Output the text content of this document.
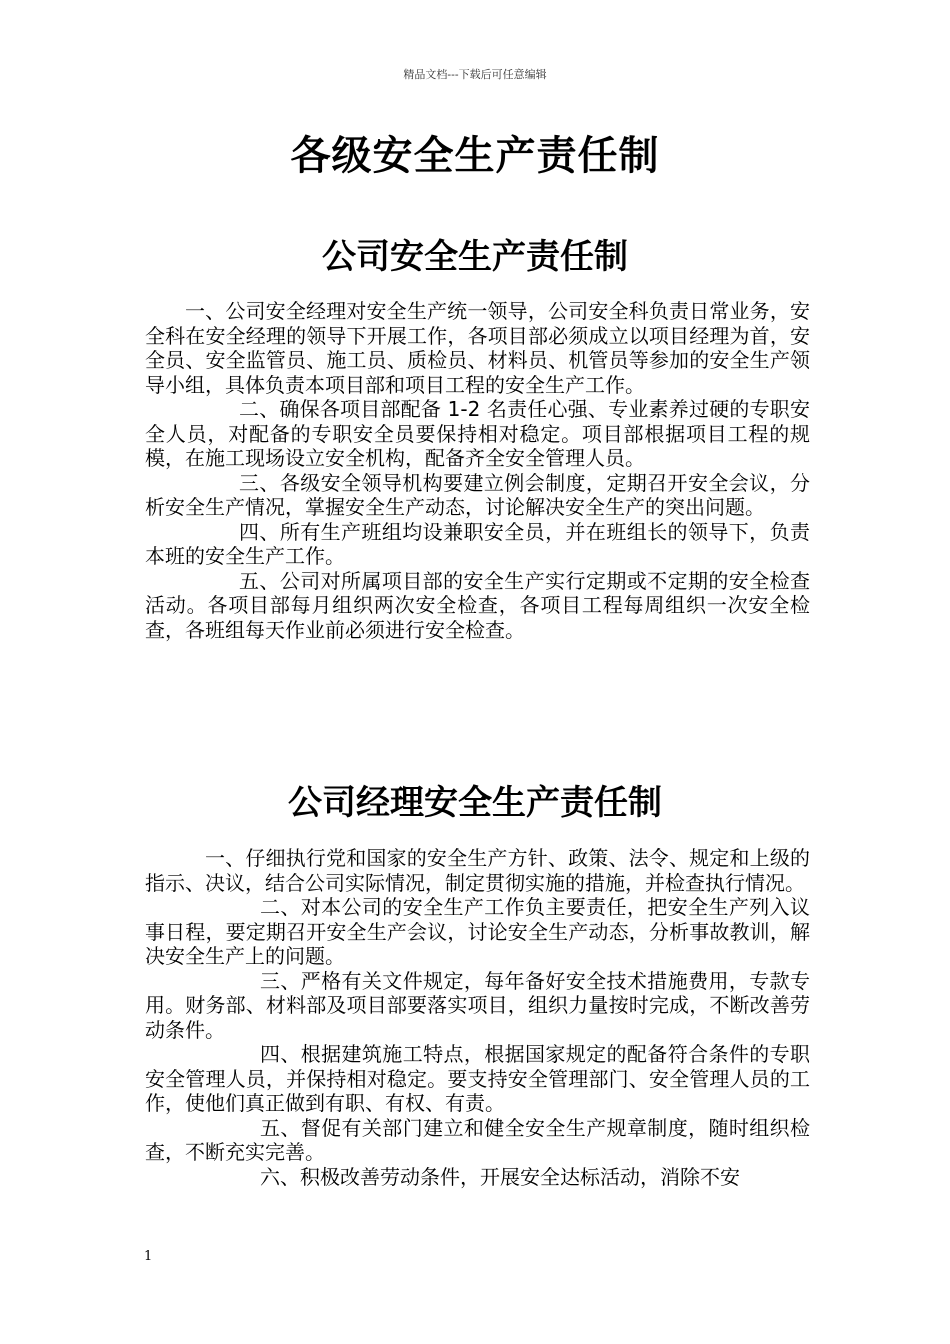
精品文档---下载后可任意编辑
各级安全生产责任制
公司安全生产责任制

一、公司安全经理对安全生产统一领导，公司安全科负责日常业务，安全科在安全经理的领导下开展工作，各项目部必须成立以项目经理为首，安全员、安全监管员、施工员、质检员、材料员、机管员等参加的安全生产领导小组，具体负责本项目部和项目工程的安全生产工作。

二、确保各项目部配备 1-2 名责任心强、专业素养过硬的专职安全人员，对配备的专职安全员要保持相对稳定。项目部根据项目工程的规模，在施工现场设立安全机构，配备齐全安全管理人员。

三、各级安全领导机构要建立例会制度，定期召开安全会议，分析安全生产情况，掌握安全生产动态，讨论解决安全生产的突出问题。

四、所有生产班组均设兼职安全员，并在班组长的领导下，负责本班的安全生产工作。

五、公司对所属项目部的安全生产实行定期或不定期的安全检查活动。各项目部每月组织两次安全检查，各项目工程每周组织一次安全检查，各班组每天作业前必须进行安全检查。

公司经理安全生产责任制

一、仔细执行党和国家的安全生产方针、政策、法令、规定和上级的指示、决议，结合公司实际情况，制定贯彻实施的措施，并检查执行情况。

二、对本公司的安全生产工作负主要责任，把安全生产列入议事日程，要定期召开安全生产会议，讨论安全生产动态，分析事故教训，解决安全生产上的问题。

三、严格有关文件规定，每年备好安全技术措施费用，专款专用。财务部、材料部及项目部要落实项目，组织力量按时完成，不断改善劳动条件。

四、根据建筑施工特点，根据国家规定的配备符合条件的专职安全管理人员，并保持相对稳定。要支持安全管理部门、安全管理人员的工作，使他们真正做到有职、有权、有责。

五、督促有关部门建立和健全安全生产规章制度，随时组织检查，不断充实完善。

六、积极改善劳动条件，开展安全达标活动，消除不安

1
